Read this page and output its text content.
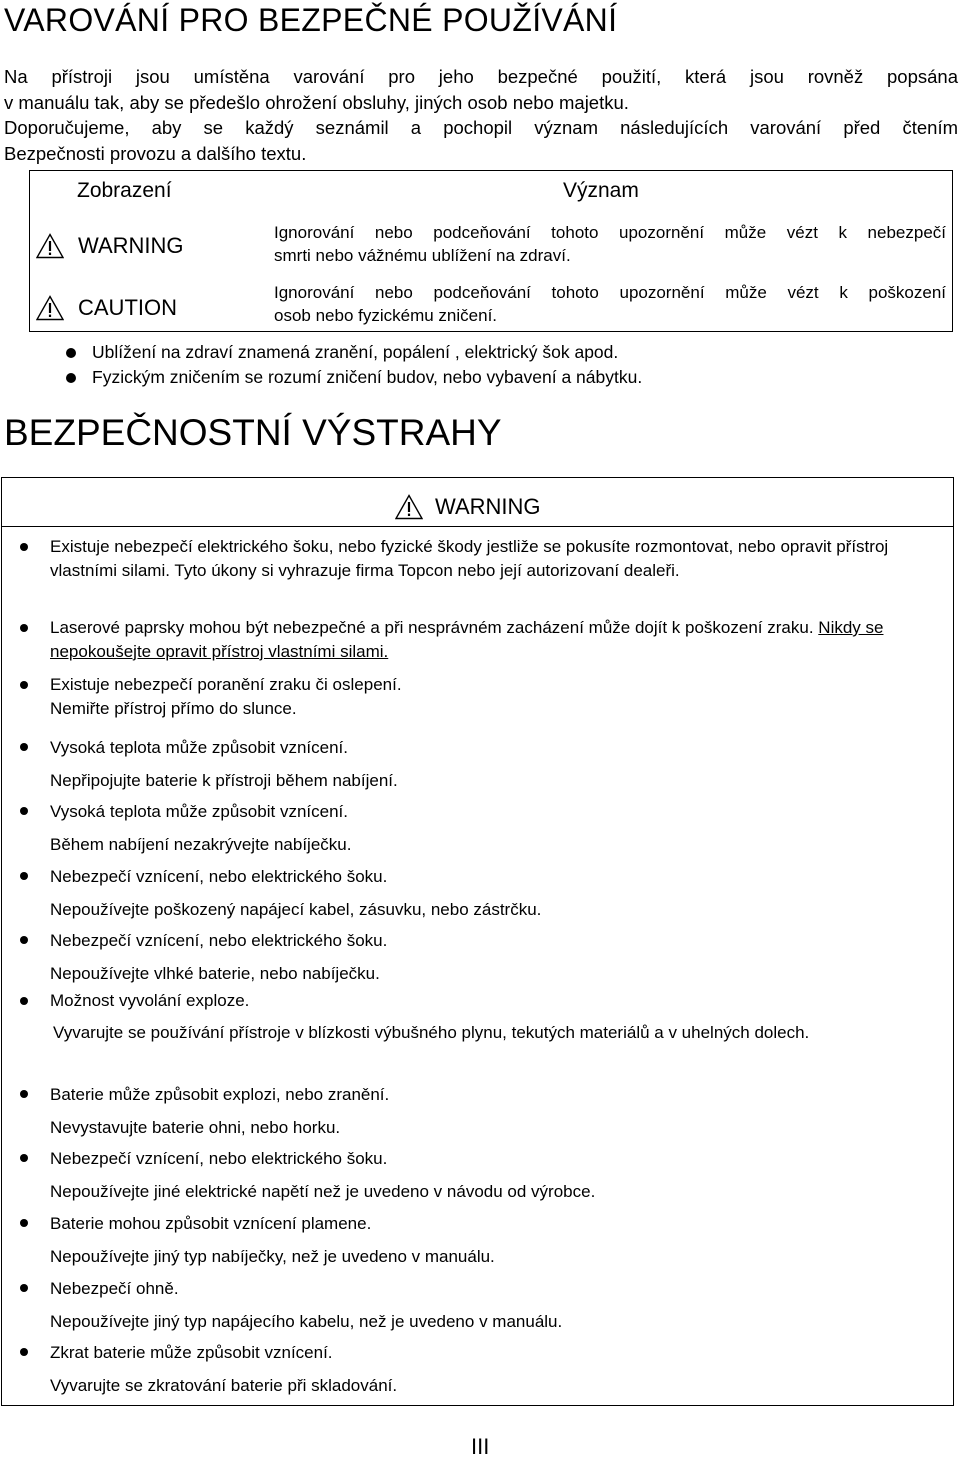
VAROVÁNÍ PRO BEZPEČNÉ POUŽÍVÁNÍ

Na přístroji jsou umístěna varování pro jeho bezpečné použití, která jsou rovněž popsána
v manuálu tak, aby se předešlo ohrožení obsluhy, jiných osob nebo majetku.

Doporučujeme, aby se každý seznámil a pochopil význam následujících varování před čtením
Bezpečnosti provozu a dalšího textu.

Zobrazení	Význam
WARNING
Ignorování nebo podceňování tohoto upozornění může vézt k nebezpečí
smrti nebo vážnému ublížení na zdraví.
CAUTION
Ignorování nebo podceňování tohoto upozornění může vézt k poškození
osob nebo fyzickému zničení.
Ublížení na zdraví znamená zranění, popálení , elektrický šok apod.
Fyzickým zničením se rozumí zničení budov, nebo vybavení a nábytku.
BEZPEČNOSTNÍ VÝSTRAHY
WARNING
Existuje nebezpečí elektrického šoku, nebo fyzické škody jestliže se pokusíte rozmontovat, nebo opravit přístroj vlastními silami. Tyto úkony si vyhrazuje firma Topcon nebo její autorizovaní dealeři.
Laserové paprsky mohou být nebezpečné a při nesprávném zacházení může dojít k poškození zraku. Nikdy se nepokoušejte opravit přístroj vlastními silami.
Existuje nebezpečí poranění zraku či oslepení.
Nemiřte přístroj přímo do slunce.
Vysoká teplota může způsobit vznícení.
Nepřipojujte baterie k přístroji během nabíjení.
Vysoká teplota může způsobit vznícení.
Během nabíjení nezakrývejte nabíječku.
Nebezpečí vznícení, nebo elektrického šoku.
Nepoužívejte poškozený napájecí kabel, zásuvku, nebo zástrčku.
Nebezpečí vznícení, nebo elektrického šoku.
Nepoužívejte vlhké baterie, nebo nabíječku.
Možnost vyvolání exploze.
Vyvarujte se používání přístroje v blízkosti výbušného plynu, tekutých materiálů a v uhelných dolech.
Baterie může způsobit explozi, nebo zranění.
Nevystavujte baterie ohni, nebo horku.
Nebezpečí vznícení, nebo elektrického šoku.
Nepoužívejte jiné elektrické napětí než je uvedeno v návodu od výrobce.
Baterie mohou způsobit vznícení plamene.
Nepoužívejte jiný typ nabíječky, než je uvedeno v manuálu.
Nebezpečí ohně.
Nepoužívejte jiný typ napájecího kabelu, než je uvedeno v manuálu.
Zkrat baterie může způsobit vznícení.
Vyvarujte se zkratování baterie při skladování.
III
